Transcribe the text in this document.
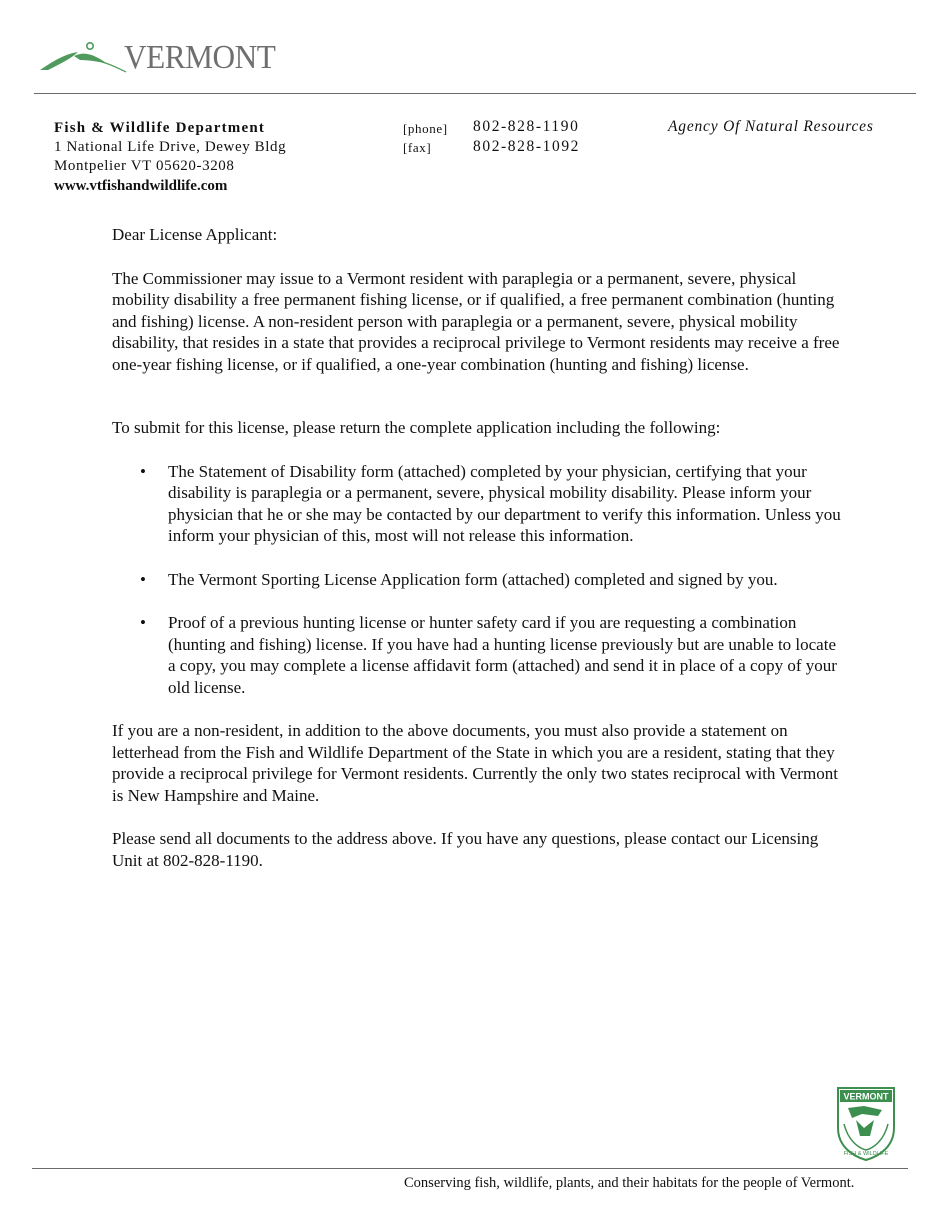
VERMONT
Fish & Wildlife Department
1 National Life Drive, Dewey Bldg
Montpelier VT 05620-3208
www.vtfishandwildlife.com
[phone] 802-828-1190
[fax]	802-828-1092
Agency Of Natural Resources

Dear License Applicant:

The Commissioner may issue to a Vermont resident with paraplegia or a permanent, severe, physical mobility disability a free permanent fishing license, or if qualified, a free permanent combination (hunting and fishing) license. A non-resident person with paraplegia or a permanent, severe, physical mobility disability, that resides in a state that provides a reciprocal privilege to Vermont residents may receive a free one-year fishing license, or if qualified, a one-year combination (hunting and fishing) license.

To submit for this license, please return the complete application including the following:

• The Statement of Disability form (attached) completed by your physician, certifying that your disability is paraplegia or a permanent, severe, physical mobility disability. Please inform your physician that he or she may be contacted by our department to verify this information. Unless you inform your physician of this, most will not release this information.
• The Vermont Sporting License Application form (attached) completed and signed by you.
• Proof of a previous hunting license or hunter safety card if you are requesting a combination (hunting and fishing) license. If you have had a hunting license previously but are unable to locate a copy, you may complete a license affidavit form (attached) and send it in place of a copy of your old license.

If you are a non-resident, in addition to the above documents, you must also provide a statement on letterhead from the Fish and Wildlife Department of the State in which you are a resident, stating that they provide a reciprocal privilege for Vermont residents. Currently the only two states reciprocal with Vermont is New Hampshire and Maine.

Please send all documents to the address above. If you have any questions, please contact our Licensing Unit at 802-828-1190.

VERMONT
FISH & WILDLIFE
Conserving fish, wildlife, plants, and their habitats for the people of Vermont.
